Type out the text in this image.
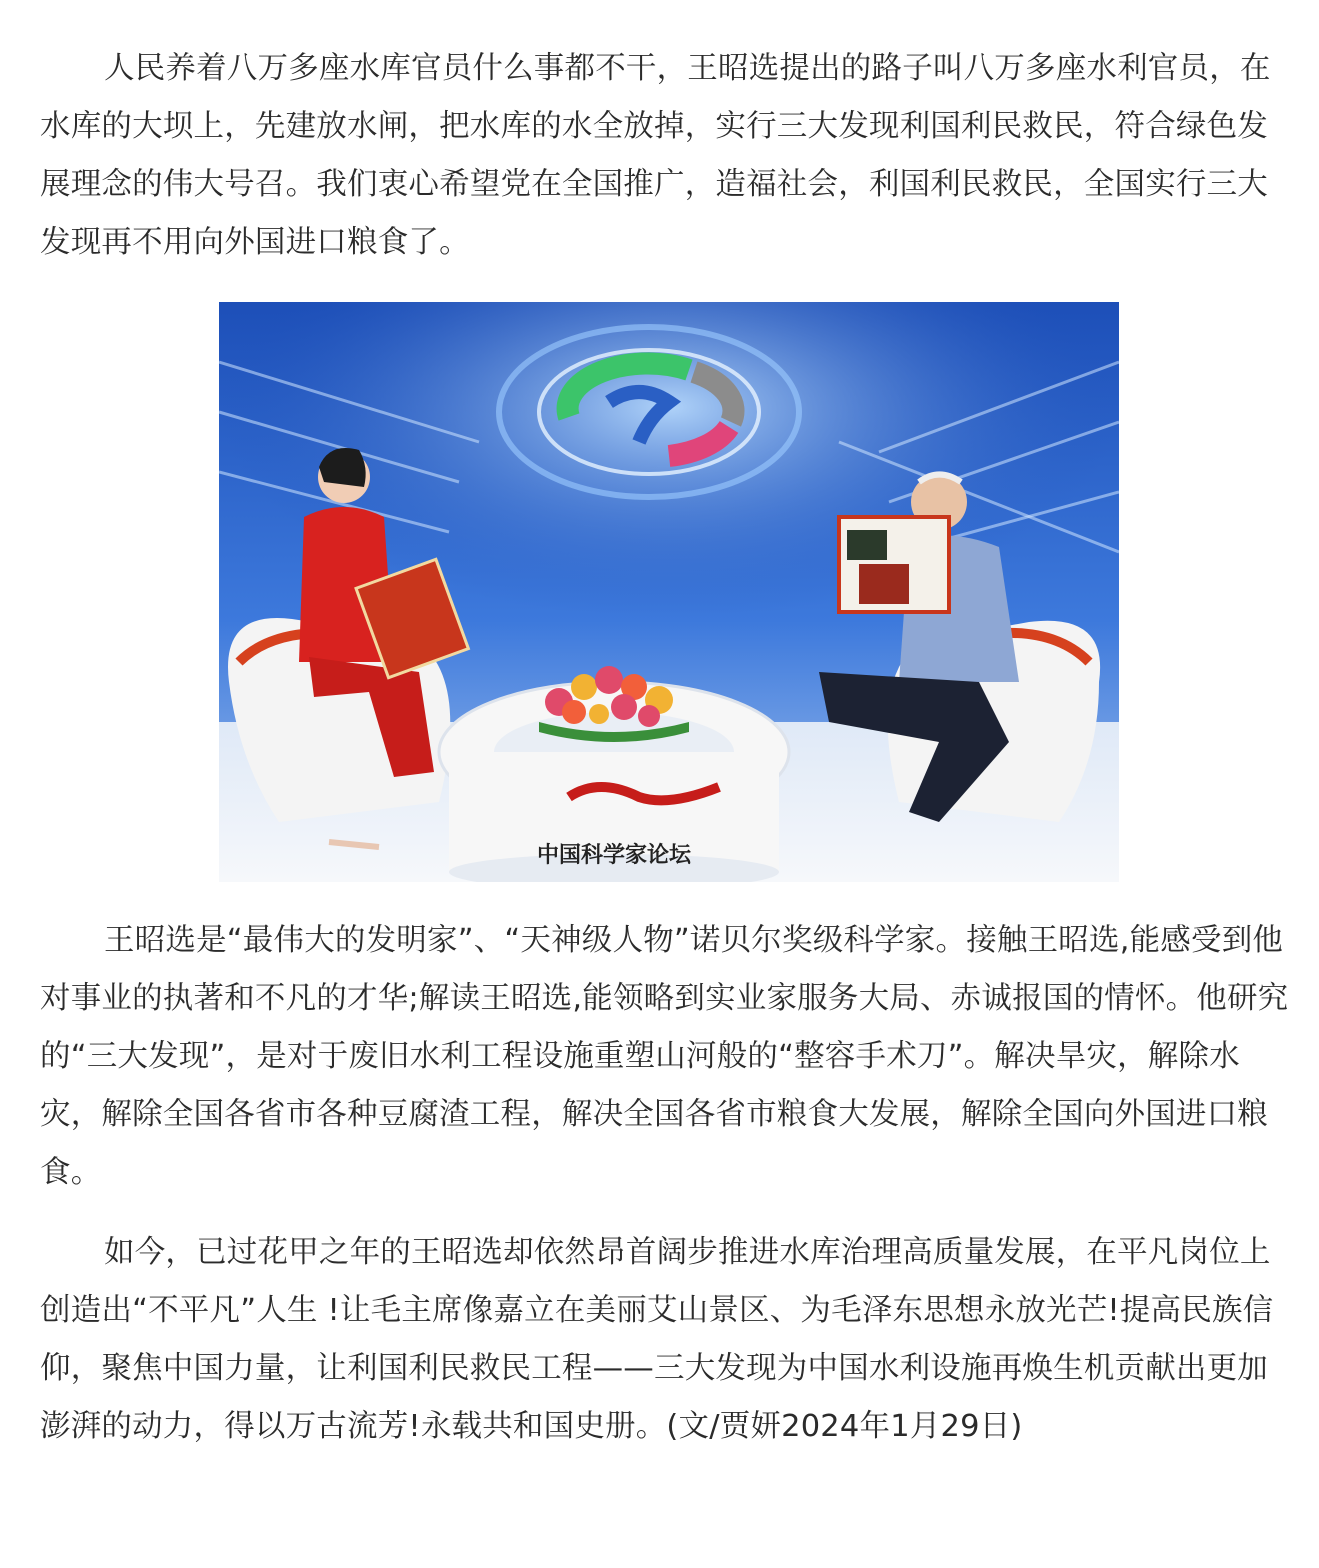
人民养着八万多座水库官员什么事都不干，王昭选提出的路子叫八万多座水利官员，在水库的大坝上，先建放水闸，把水库的水全放掉，实行三大发现利国利民救民，符合绿色发展理念的伟大号召。我们衷心希望党在全国推广，造福社会，利国利民救民，全国实行三大发现再不用向外国进口粮食了。

中国科学家论坛

王昭选是“最伟大的发明家”、“天神级人物”诺贝尔奖级科学家。接触王昭选,能感受到他对事业的执著和不凡的才华;解读王昭选,能领略到实业家服务大局、赤诚报国的情怀。他研究的“三大发现”，是对于废旧水利工程设施重塑山河般的“整容手术刀”。解决旱灾，解除水灾，解除全国各省市各种豆腐渣工程，解决全国各省市粮食大发展，解除全国向外国进口粮食。

如今，已过花甲之年的王昭选却依然昂首阔步推进水库治理高质量发展，在平凡岗位上创造出“不平凡”人生 !让毛主席像嘉立在美丽艾山景区、为毛泽东思想永放光芒!提高民族信仰，聚焦中国力量，让利国利民救民工程——三大发现为中国水利设施再焕生机贡献出更加澎湃的动力，得以万古流芳!永载共和国史册。(文/贾妍2024年1月29日)
